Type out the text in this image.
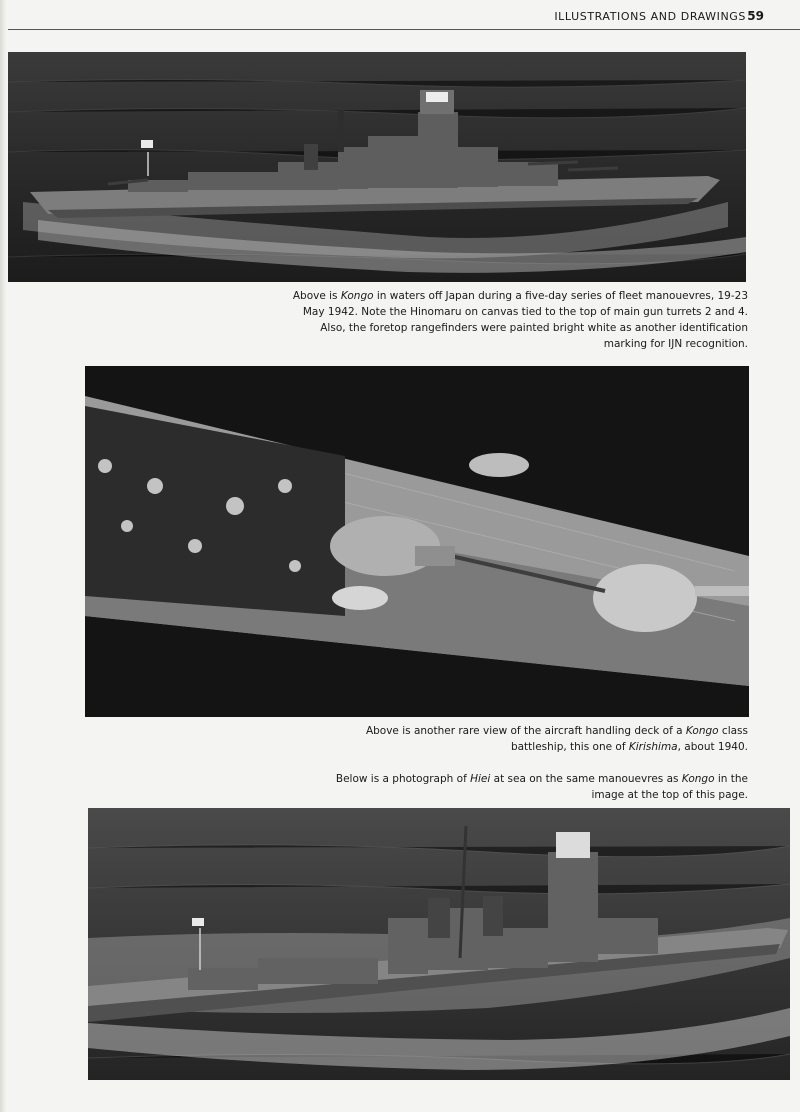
ILLUSTRATIONS AND DRAWINGS 59
Above is Kongo in waters off Japan during a five-day series of fleet manouevres, 19-23 May 1942. Note the Hinomaru on canvas tied to the top of main gun turrets 2 and 4. Also, the foretop rangefinders were painted bright white as another identification marking for IJN recognition.
Above is another rare view of the aircraft handling deck of a Kongo class battleship, this one of Kirishima, about 1940.
Below is a photograph of Hiei at sea on the same manouevres as Kongo in the image at the top of this page.
